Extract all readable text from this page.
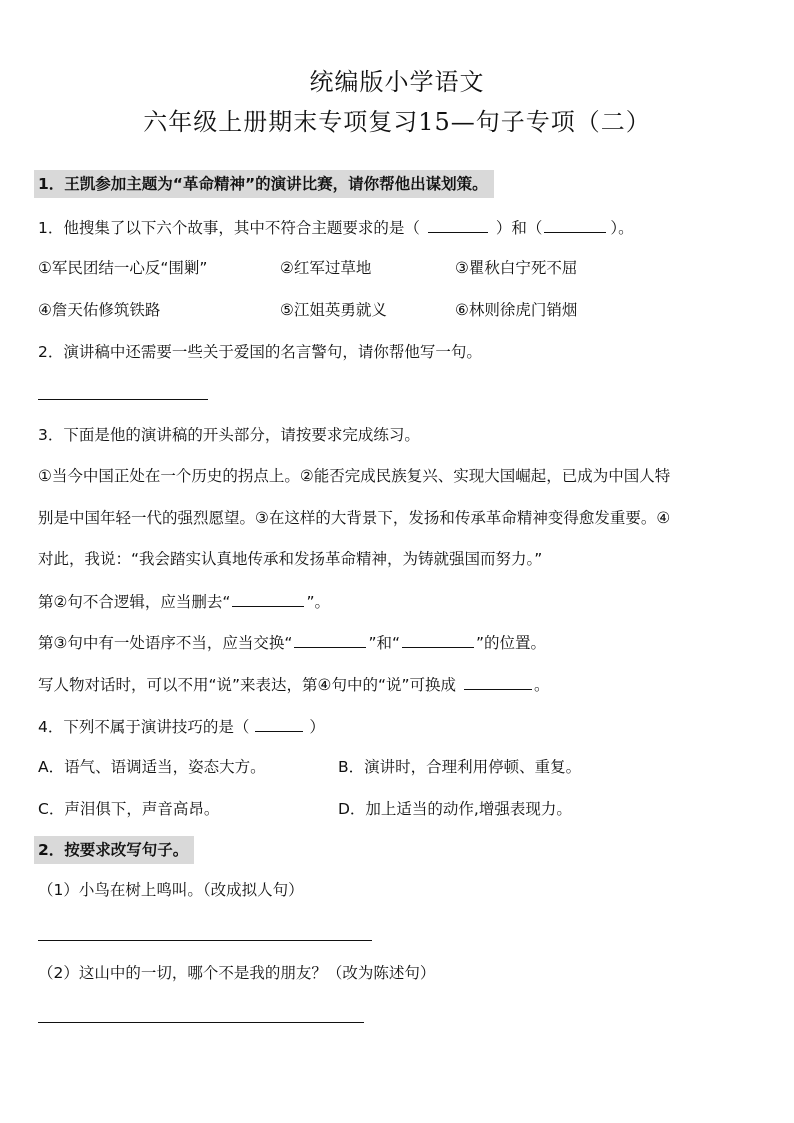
统编版小学语文
六年级上册期末专项复习15—句子专项（二）
1．王凯参加主题为“革命精神”的演讲比赛，请你帮他出谋划策。
1．他搜集了以下六个故事，其中不符合主题要求的是（	）和（	）。
①军民团结一心反“围剿”	②红军过草地	③瞿秋白宁死不屈
④詹天佑修筑铁路	⑤江姐英勇就义	⑥林则徐虎门销烟
2．演讲稿中还需要一些关于爱国的名言警句，请你帮他写一句。
3．下面是他的演讲稿的开头部分，请按要求完成练习。
①当今中国正处在一个历史的拐点上。②能否完成民族复兴、实现大国崛起，已成为中国人特
别是中国年轻一代的强烈愿望。③在这样的大背景下，发扬和传承革命精神变得愈发重要。④
对此，我说：“我会踏实认真地传承和发扬革命精神，为铸就强国而努力。”
第②句不合逻辑，应当删去“	”。
第③句中有一处语序不当，应当交换“	”和“	”的位置。
写人物对话时，可以不用“说”来表达，第④句中的“说”可换成	。
4．下列不属于演讲技巧的是（	）
A．语气、语调适当，姿态大方。	B．演讲时，合理利用停顿、重复。
C．声泪俱下，声音高昂。	D．加上适当的动作,增强表现力。
2．按要求改写句子。
（1）小鸟在树上鸣叫。（改成拟人句）
（2）这山中的一切，哪个不是我的朋友？（改为陈述句）
